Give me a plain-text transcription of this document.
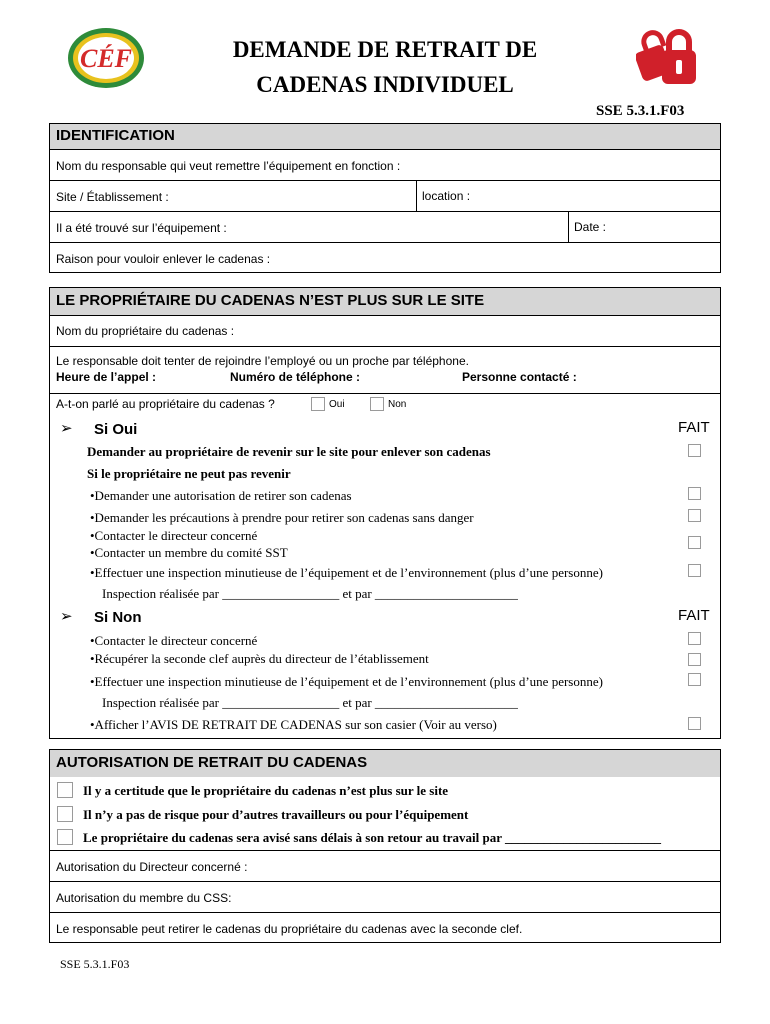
CÉF	DEMANDE DE RETRAIT DE
CADENAS INDIVIDUEL
SSE 5.3.1.F03
IDENTIFICATION
Nom du responsable qui veut remettre l’équipement en fonction :
Site / Établissement :	location :
Il a été trouvé sur l’équipement :	Date :
Raison pour vouloir enlever le cadenas :
LE PROPRIÉTAIRE DU CADENAS N’EST PLUS SUR LE SITE
Nom du propriétaire du cadenas :
Le responsable doit tenter de rejoindre l’employé ou un proche par téléphone.
Heure de l’appel :	Numéro de téléphone :	Personne contacté :
A-t-on parlé au propriétaire du cadenas ?	Oui	Non
➢ Si Oui	FAIT
Demander au propriétaire de revenir sur le site pour enlever son cadenas
Si le propriétaire ne peut pas revenir
•Demander une autorisation de retirer son cadenas
•Demander les précautions à prendre pour retirer son cadenas sans danger
•Contacter le directeur concerné
•Contacter un membre du comité SST
•Effectuer une inspection minutieuse de l’équipement et de l’environnement (plus d’une personne)
Inspection réalisée par __________________ et par ______________________
➢ Si Non	FAIT
•Contacter le directeur concerné
•Récupérer la seconde clef auprès du directeur de l’établissement
•Effectuer une inspection minutieuse de l’équipement et de l’environnement (plus d’une personne)
Inspection réalisée par __________________ et par ______________________
•Afficher l’AVIS DE RETRAIT DE CADENAS sur son casier (Voir au verso)
AUTORISATION DE RETRAIT DU CADENAS
Il y a certitude que le propriétaire du cadenas n’est plus sur le site
Il n’y a pas de risque pour d’autres travailleurs ou pour l’équipement
Le propriétaire du cadenas sera avisé sans délais à son retour au travail par ________________________
Autorisation du Directeur concerné :
Autorisation du membre du CSS:
Le responsable peut retirer le cadenas du propriétaire du cadenas avec la seconde clef.
SSE 5.3.1.F03
